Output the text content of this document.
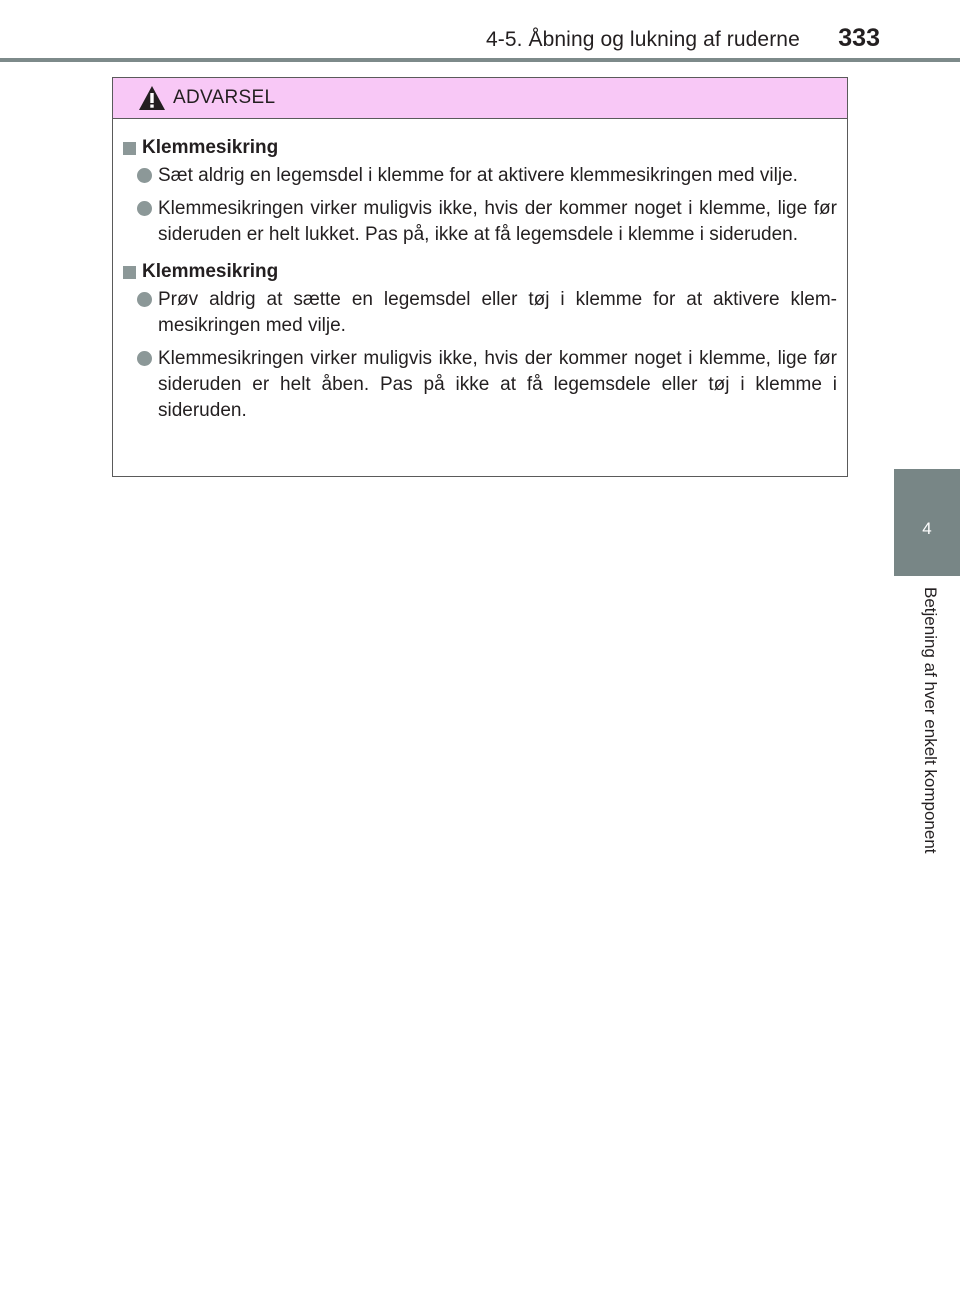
4-5. Åbning og lukning af ruderne 333
4
Betjening af hver enkelt komponent
ADVARSEL
Klemmesikring
Sæt aldrig en legemsdel i klemme for at aktivere klemmesikringen med vilje.
Klemmesikringen virker muligvis ikke, hvis der kommer noget i klemme, lige før sideruden er helt lukket. Pas på, ikke at få legemsdele i klemme i sideruden.
Klemmesikring
Prøv aldrig at sætte en legemsdel eller tøj i klemme for at aktivere klem-mesikringen med vilje.
Klemmesikringen virker muligvis ikke, hvis der kommer noget i klemme, lige før sideruden er helt åben. Pas på ikke at få legemsdele eller tøj i klemme i sideruden.
